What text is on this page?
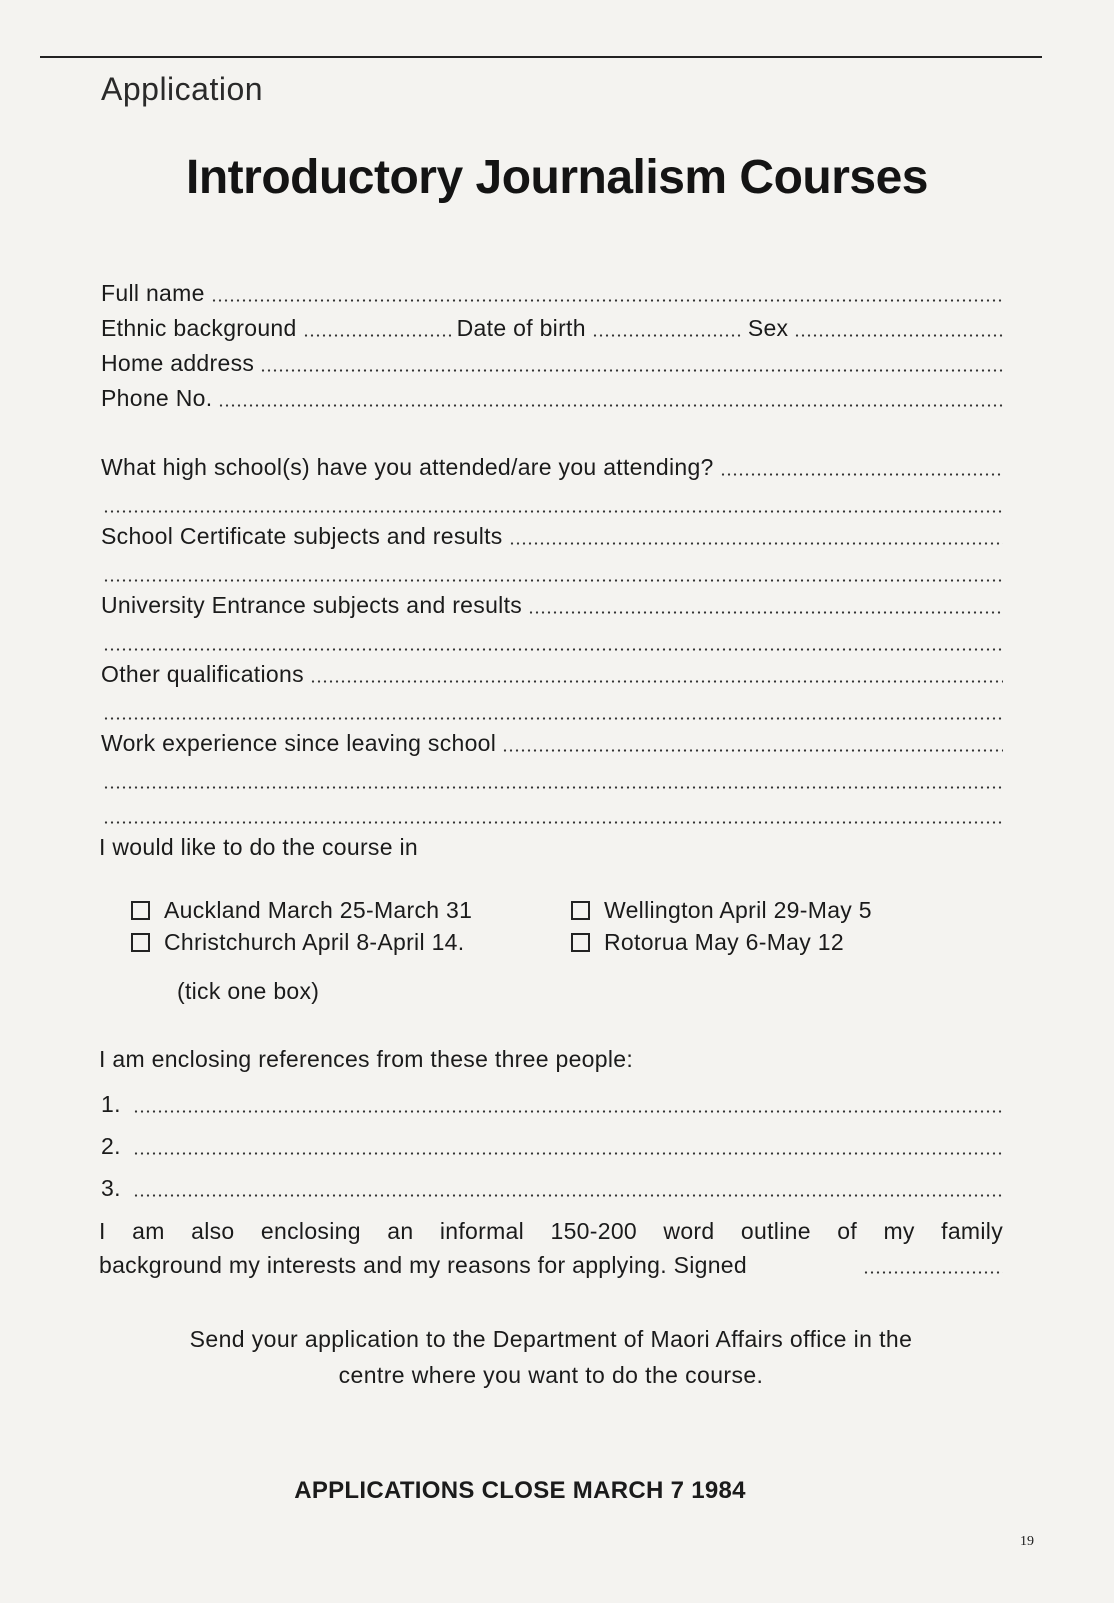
Application
Introductory Journalism Courses
Full name
Ethnic background	Date of birth	Sex
Home address
Phone No.
What high school(s) have you attended/are you attending?
School Certificate subjects and results
University Entrance subjects and results
Other qualifications
Work experience since leaving school
I would like to do the course in
Auckland March 25-March 31	Wellington April 29-May 5
Christchurch April 8-April 14.	Rotorua May 6-May 12
(tick one box)
I am enclosing references from these three people:
1.
2.
3.
I am also enclosing an informal 150-200 word outline of my family
background my interests and my reasons for applying. Signed
Send your application to the Department of Maori Affairs office in the
centre where you want to do the course.
APPLICATIONS CLOSE MARCH 7 1984
19
